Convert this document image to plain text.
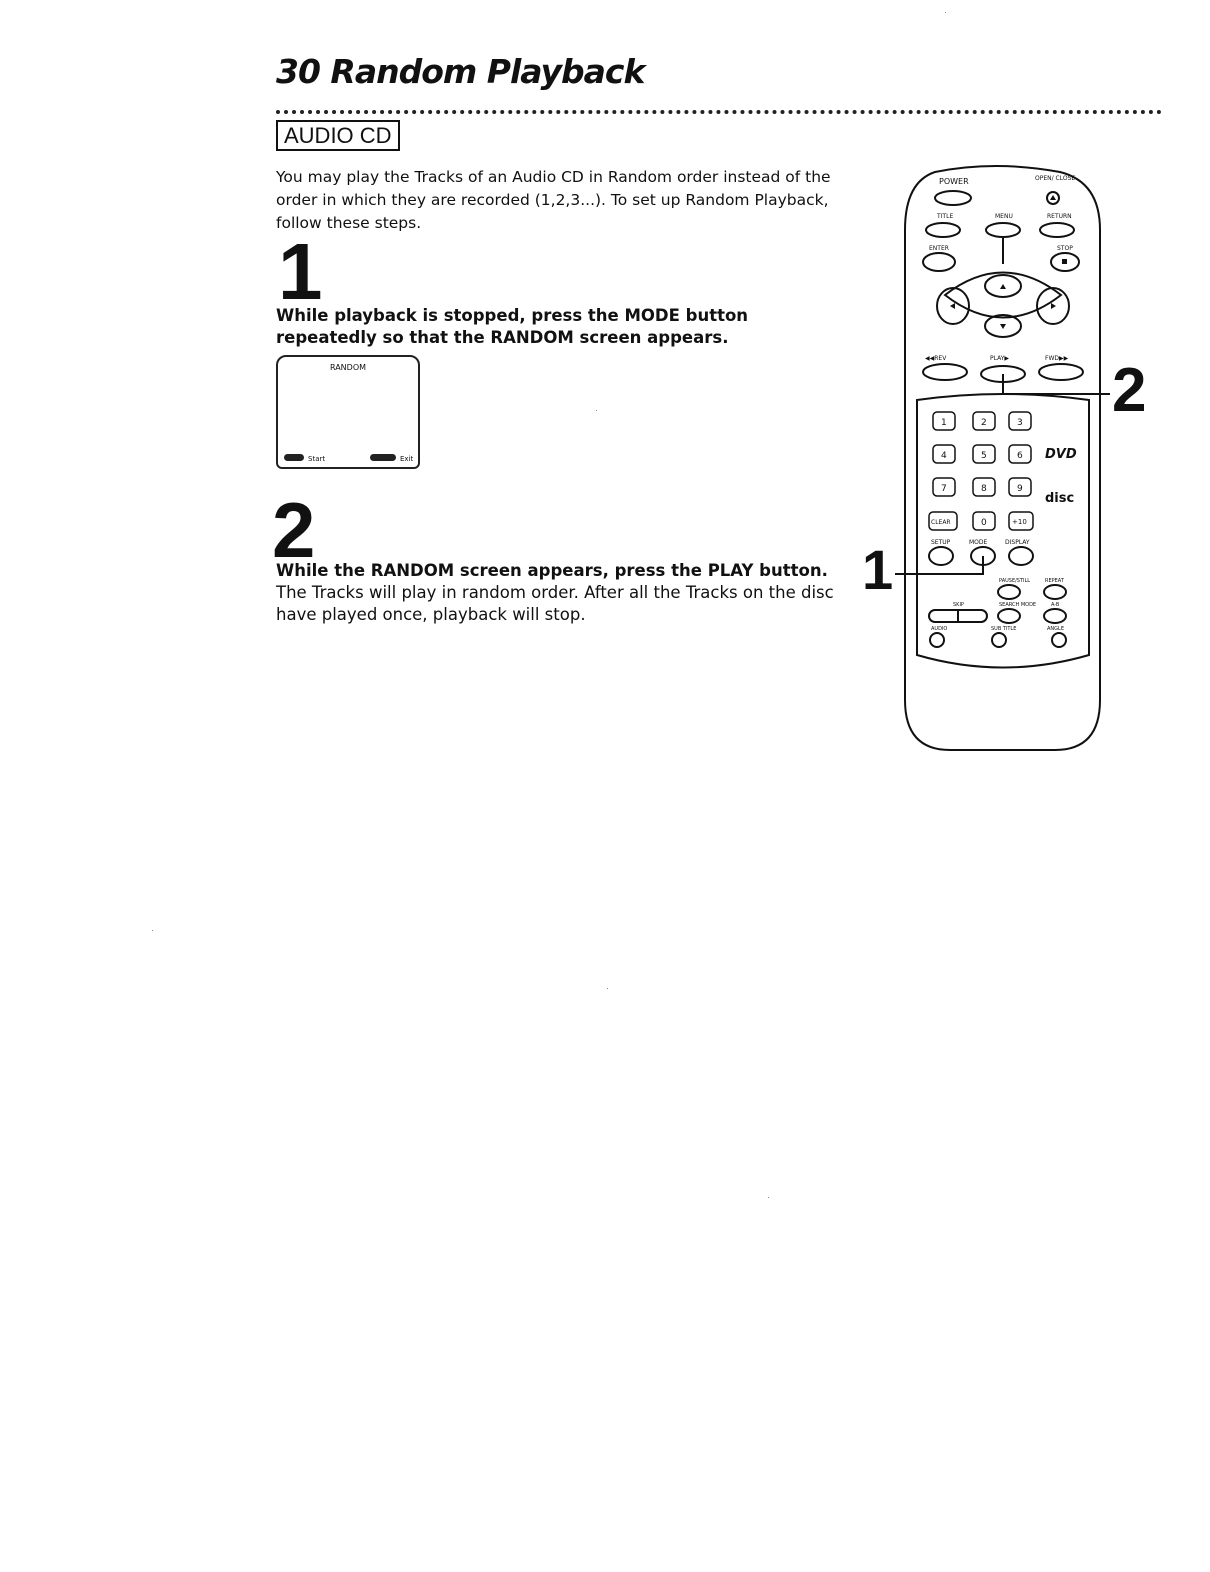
30 Random Playback
AUDIO CD

You may play the Tracks of an Audio CD in Random order instead of the order in which they are recorded (1,2,3...). To set up Random Playback, follow these steps.

1

While playback is stopped, press the MODE button repeatedly so that the RANDOM screen appears.

RANDOM
Start	Exit
2

While the RANDOM screen appears, press the PLAY button. The Tracks will play in random order. After all the Tracks on the disc have played once, playback will stop.

POWER	OPEN/ CLOSE
TITLE	MENU	RETURN
ENTER	STOP
◀◀REV	PLAY▶	FWD▶▶
1	2	3
4	5	6
7	8	9
0
CLEAR	+10
DVD
disc
SETUP	MODE	DISPLAY
PAUSE/STILL	REPEAT
SKIP	SEARCH MODE	A-B
AUDIO	SUB TITLE	ANGLE
2
1
